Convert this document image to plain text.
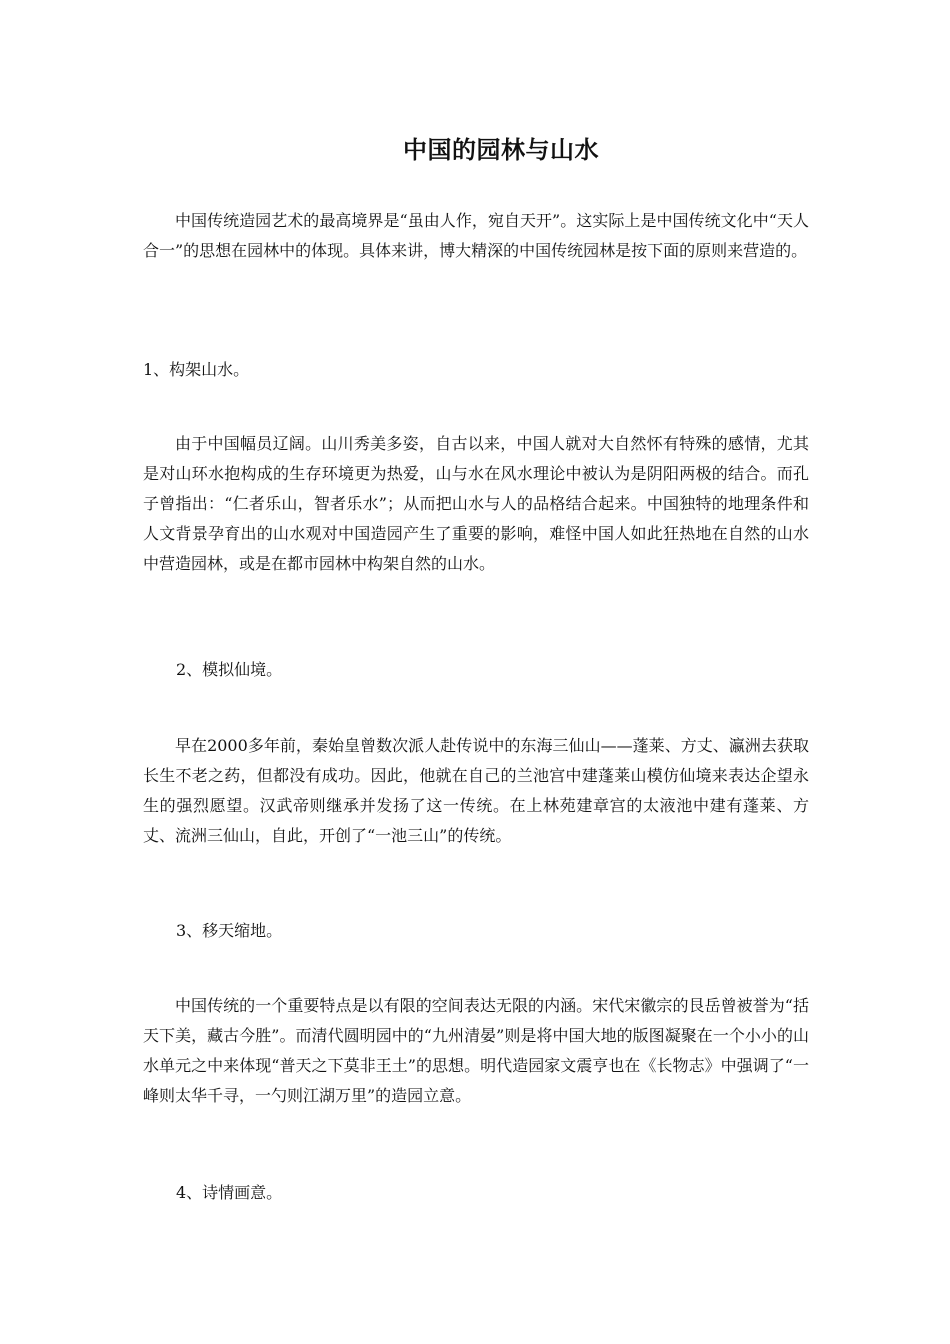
中国的园林与山水

中国传统造园艺术的最高境界是“虽由人作，宛自天开”。这实际上是中国传统文化中“天人合一”的思想在园林中的体现。具体来讲，博大精深的中国传统园林是按下面的原则来营造的。

1、构架山水。

由于中国幅员辽阔。山川秀美多姿，自古以来，中国人就对大自然怀有特殊的感情，尤其是对山环水抱构成的生存环境更为热爱，山与水在风水理论中被认为是阴阳两极的结合。而孔子曾指出：“仁者乐山，智者乐水”；从而把山水与人的品格结合起来。中国独特的地理条件和人文背景孕育出的山水观对中国造园产生了重要的影响，难怪中国人如此狂热地在自然的山水中营造园林，或是在都市园林中构架自然的山水。

2、模拟仙境。

早在2000多年前，秦始皇曾数次派人赴传说中的东海三仙山——蓬莱、方丈、瀛洲去获取长生不老之药，但都没有成功。因此，他就在自己的兰池宫中建蓬莱山模仿仙境来表达企望永生的强烈愿望。汉武帝则继承并发扬了这一传统。在上林苑建章宫的太液池中建有蓬莱、方丈、流洲三仙山，自此，开创了“一池三山”的传统。

3、移天缩地。

中国传统的一个重要特点是以有限的空间表达无限的内涵。宋代宋徽宗的艮岳曾被誉为“括天下美，藏古今胜”。而清代圆明园中的“九州清晏”则是将中国大地的版图凝聚在一个小小的山水单元之中来体现“普天之下莫非王土”的思想。明代造园家文震亨也在《长物志》中强调了“一峰则太华千寻，一勺则江湖万里”的造园立意。

4、诗情画意。
